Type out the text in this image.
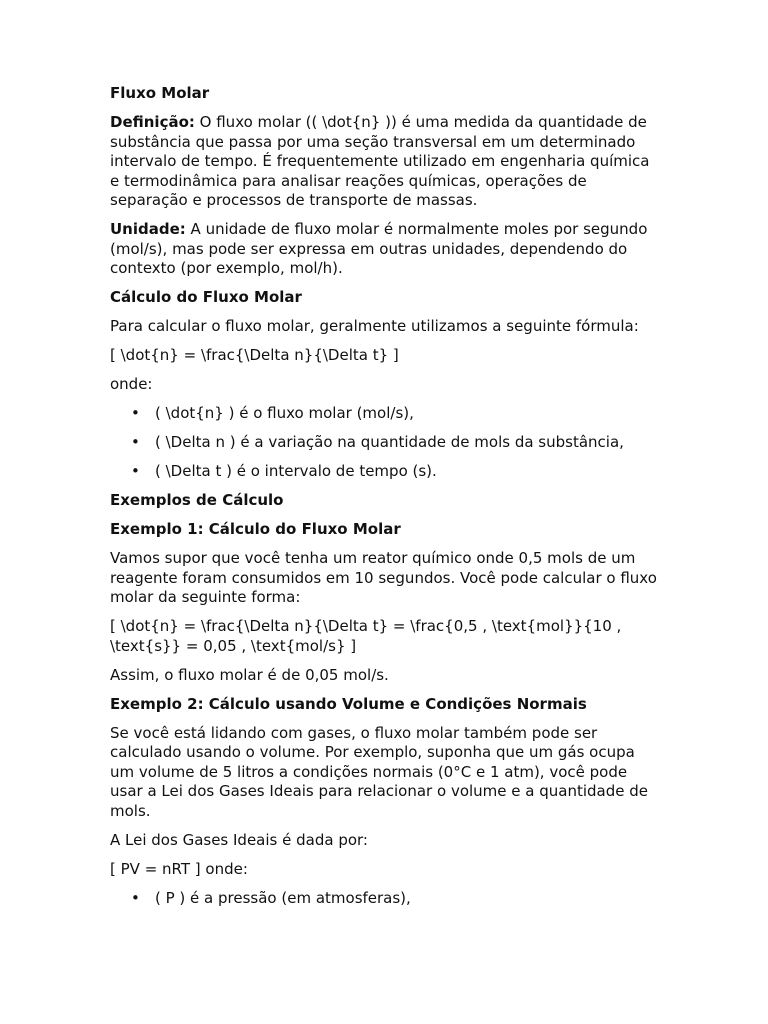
Fluxo Molar

Definição: O fluxo molar (( \dot{n} )) é uma medida da quantidade de substância que passa por uma seção transversal em um determinado intervalo de tempo. É frequentemente utilizado em engenharia química e termodinâmica para analisar reações químicas, operações de separação e processos de transporte de massas.

Unidade: A unidade de fluxo molar é normalmente moles por segundo (mol/s), mas pode ser expressa em outras unidades, dependendo do contexto (por exemplo, mol/h).

Cálculo do Fluxo Molar

Para calcular o fluxo molar, geralmente utilizamos a seguinte fórmula:

[ \dot{n} = \frac{\Delta n}{\Delta t} ]

onde:

• ( \dot{n} ) é o fluxo molar (mol/s),
• ( \Delta n ) é a variação na quantidade de mols da substância,
• ( \Delta t ) é o intervalo de tempo (s).
Exemplos de Cálculo
Exemplo 1: Cálculo do Fluxo Molar

Vamos supor que você tenha um reator químico onde 0,5 mols de um reagente foram consumidos em 10 segundos. Você pode calcular o fluxo molar da seguinte forma:

[ \dot{n} = \frac{\Delta n}{\Delta t} = \frac{0,5 , \text{mol}}{10 , \text{s}} = 0,05 , \text{mol/s} ]

Assim, o fluxo molar é de 0,05 mol/s.

Exemplo 2: Cálculo usando Volume e Condições Normais

Se você está lidando com gases, o fluxo molar também pode ser calculado usando o volume. Por exemplo, suponha que um gás ocupa um volume de 5 litros a condições normais (0°C e 1 atm), você pode usar a Lei dos Gases Ideais para relacionar o volume e a quantidade de mols.

A Lei dos Gases Ideais é dada por:

[ PV = nRT ] onde:

• ( P ) é a pressão (em atmosferas),
